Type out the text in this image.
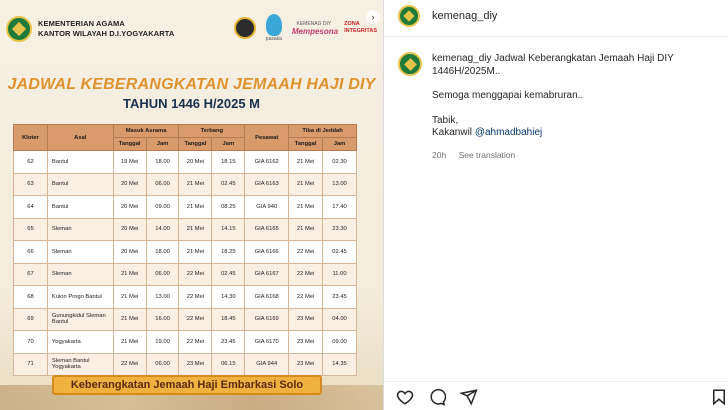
KEMENTERIAN AGAMA
KANTOR WILAYAH D.I.YOGYAKARTA
pasaka
KEMENAG DIY
Mempesona
ZONA
INTEGRITAS
›
JADWAL KEBERANGKATAN JEMAAH HAJI DIY
TAHUN 1446 H/2025 M
Kloter	Asal	Masuk Asrama		Terbang		Pesawat	Tiba di Jeddah	
		Tanggal	Jam	Tanggal	Jam		Tanggal	Jam
62	Bantul	19 Mei	18.00	20 Mei	18.15	GIA 6162	21 Mei	02.30
63	Bantul	20 Mei	06.00	21 Mei	02.45	GIA 6163	21 Mei	13.00
64	Bantul	20 Mei	09.00	21 Mei	08.25	GIA 940	21 Mei	17.40
65	Sleman	20 Mei	14.00	21 Mei	14.15	GIA 6165	21 Mei	23.30
66	Sleman	20 Mei	18.00	21 Mei	18.25	GIA 6166	22 Mei	02.45
67	Sleman	21 Mei	06.00	22 Mei	02.45	GIA 6167	22 Mei	11.00
68	Kulon Progo Bantul	21 Mei	13.00	22 Mei	14.30	GIA 6168	22 Mei	23.45
69	Gunungkidul Sleman Bantul	21 Mei	16.00	22 Mei	18.45	GIA 6169	23 Mei	04.00
70	Yogyakarta	21 Mei	19.00	22 Mei	23.45	GIA 6170	23 Mei	09.00
71	Sleman Bantul Yogyakarta	22 Mei	06.00	23 Mei	06.15	GIA 944	23 Mei	14.35
Keberangkatan Jemaah Haji Embarkasi Solo
kemenag_diy

kemenag_diy Jadwal Keberangkatan Jemaah Haji DIY 1446H/2025M..

Semoga menggapai kemabruran..

Tabik,
Kakanwil @ahmadbahiej

20h See translation
